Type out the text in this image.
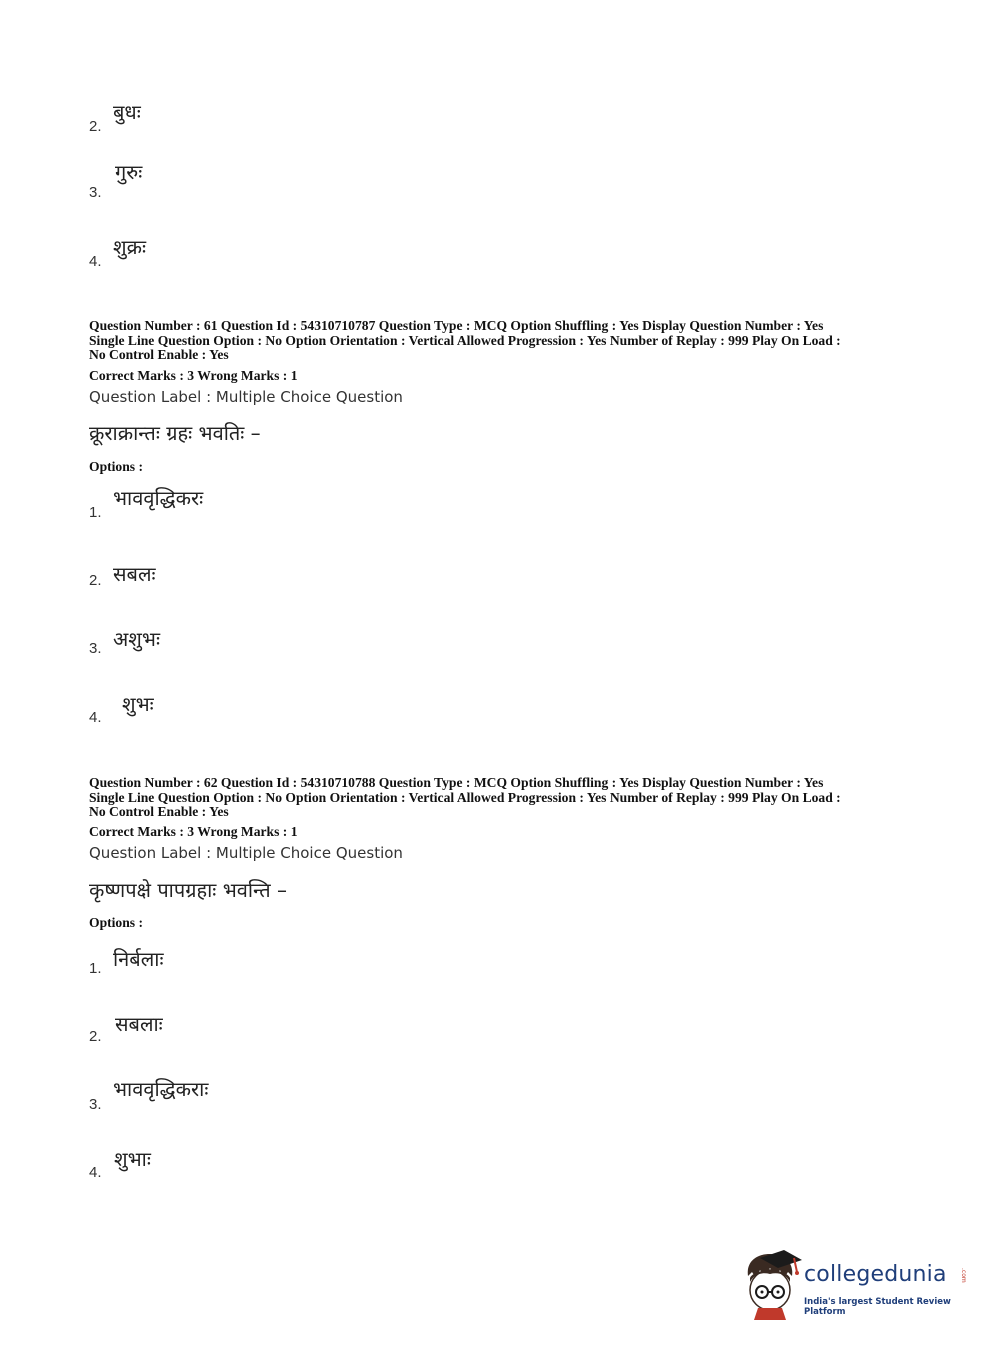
2.
बुधः
3.
गुरुः
4.
शुक्रः
Question Number : 61 Question Id : 54310710787 Question Type : MCQ Option Shuffling : Yes Display Question Number : Yes
Single Line Question Option : No Option Orientation : Vertical Allowed Progression : Yes Number of Replay : 999 Play On Load :
No Control Enable : Yes
Correct Marks : 3 Wrong Marks : 1
Question Label : Multiple Choice Question
क्रूराक्रान्तः ग्रहः भवतिः –
Options :
1.
भाववृद्धिकरः
2. सबलः
3. अशुभः
4.
शुभः
Question Number : 62 Question Id : 54310710788 Question Type : MCQ Option Shuffling : Yes Display Question Number : Yes
Single Line Question Option : No Option Orientation : Vertical Allowed Progression : Yes Number of Replay : 999 Play On Load :
No Control Enable : Yes
Correct Marks : 3 Wrong Marks : 1
Question Label : Multiple Choice Question
कृष्णपक्षे पापग्रहाः भवन्ति –
Options :
1. निर्बलाः
2.
सबलाः
3.
भाववृद्धिकराः
4.
शुभाः
collegedunia .com
India's largest Student Review Platform
